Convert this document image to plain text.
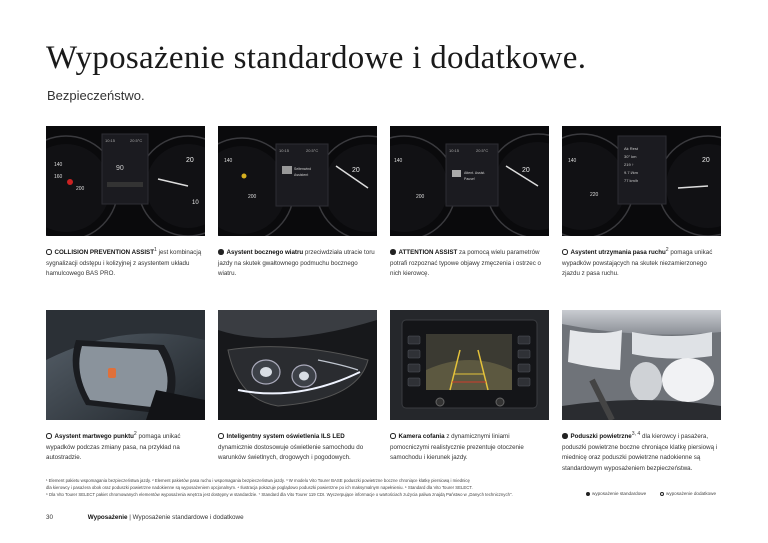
Wyposażenie standardowe i dodatkowe.
Bezpieczeństwo.
10:15	20.5°C
90
140
160
200
20
10
COLLISION PREVENTION ASSIST$^1$ jest kombinacją sygnalizacji odstępu i kolizyjnej z asystentem układu hamulcowego BAS PRO.
10:15	20.5°C
Seitenwind
Assistent
140
200
20
Asystent bocznego wiatru przeciwdziała utracie toru jazdy na skutek gwałtownego podmuchu bocznego wiatru.
10:15	20.5°C
Attent. Assist.
Pause!
140
200
20
ATTENTION ASSIST za pomocą wielu parametrów potrafi rozpoznać typowe objawy zmęczenia i ostrzec o nich kierowcę.
Ak Rest
30° km
219 ↑
9.7 l/km
77 km/h
140
220
20
Asystent utrzymania pasa ruchu$^2$ pomaga unikać wypadków powstających na skutek niezamierzonego zjazdu z pasa ruchu.
Asystent martwego punktu$^2$ pomaga unikać wypadków podczas zmiany pasa, na przykład na autostradzie.
Inteligentny system oświetlenia ILS LED dynamicznie dostosowuje oświetlenie samochodu do warunków świetlnych, drogowych i pogodowych.
Kamera cofania z dynamicznymi liniami pomocniczymi realistycznie prezentuje otoczenie samochodu i kierunek jazdy.
Poduszki powietrzne$^{3, 4}$ dla kierowcy i pasażera, poduszki powietrzne boczne chroniące klatkę piersiową i miednicę oraz poduszki powietrzne nadokienne są standardowym wyposażeniem bezpieczeństwa.

¹ Element pakietu wspomagania bezpieczeństwa jazdy. ² Element pakietów pasa ruchu i wspomagania bezpieczeństwa jazdy. ³ W modelu Vito Tourer BASE poduszki powietrzne boczne chroniące klatkę piersiową i miednicę

dla kierowcy i pasażera obok oraz poduszki powietrzne nadokienne są wyposażeniem opcjonalnym. ⁴ Ilustracja pokazuje poglądowo poduszki powietrzne po ich maksymalnym napełnieniu. ⁵ Standard dla Vito Tourer SELECT.

⁶ Dla Vito Tourer SELECT pakiet chromowanych elementów wyposażenia wnętrza jest dostępny w standardzie. ⁷ Standard dla Vito Tourer 119 CDI. Wyczerpujące informacje o wartościach zużycia paliwa znajdą Państwo w „Danych technicznych".	wyposażenie standardowe	wyposażenie dodatkowe
30	Wyposażenie | Wyposażenie standardowe i dodatkowe
